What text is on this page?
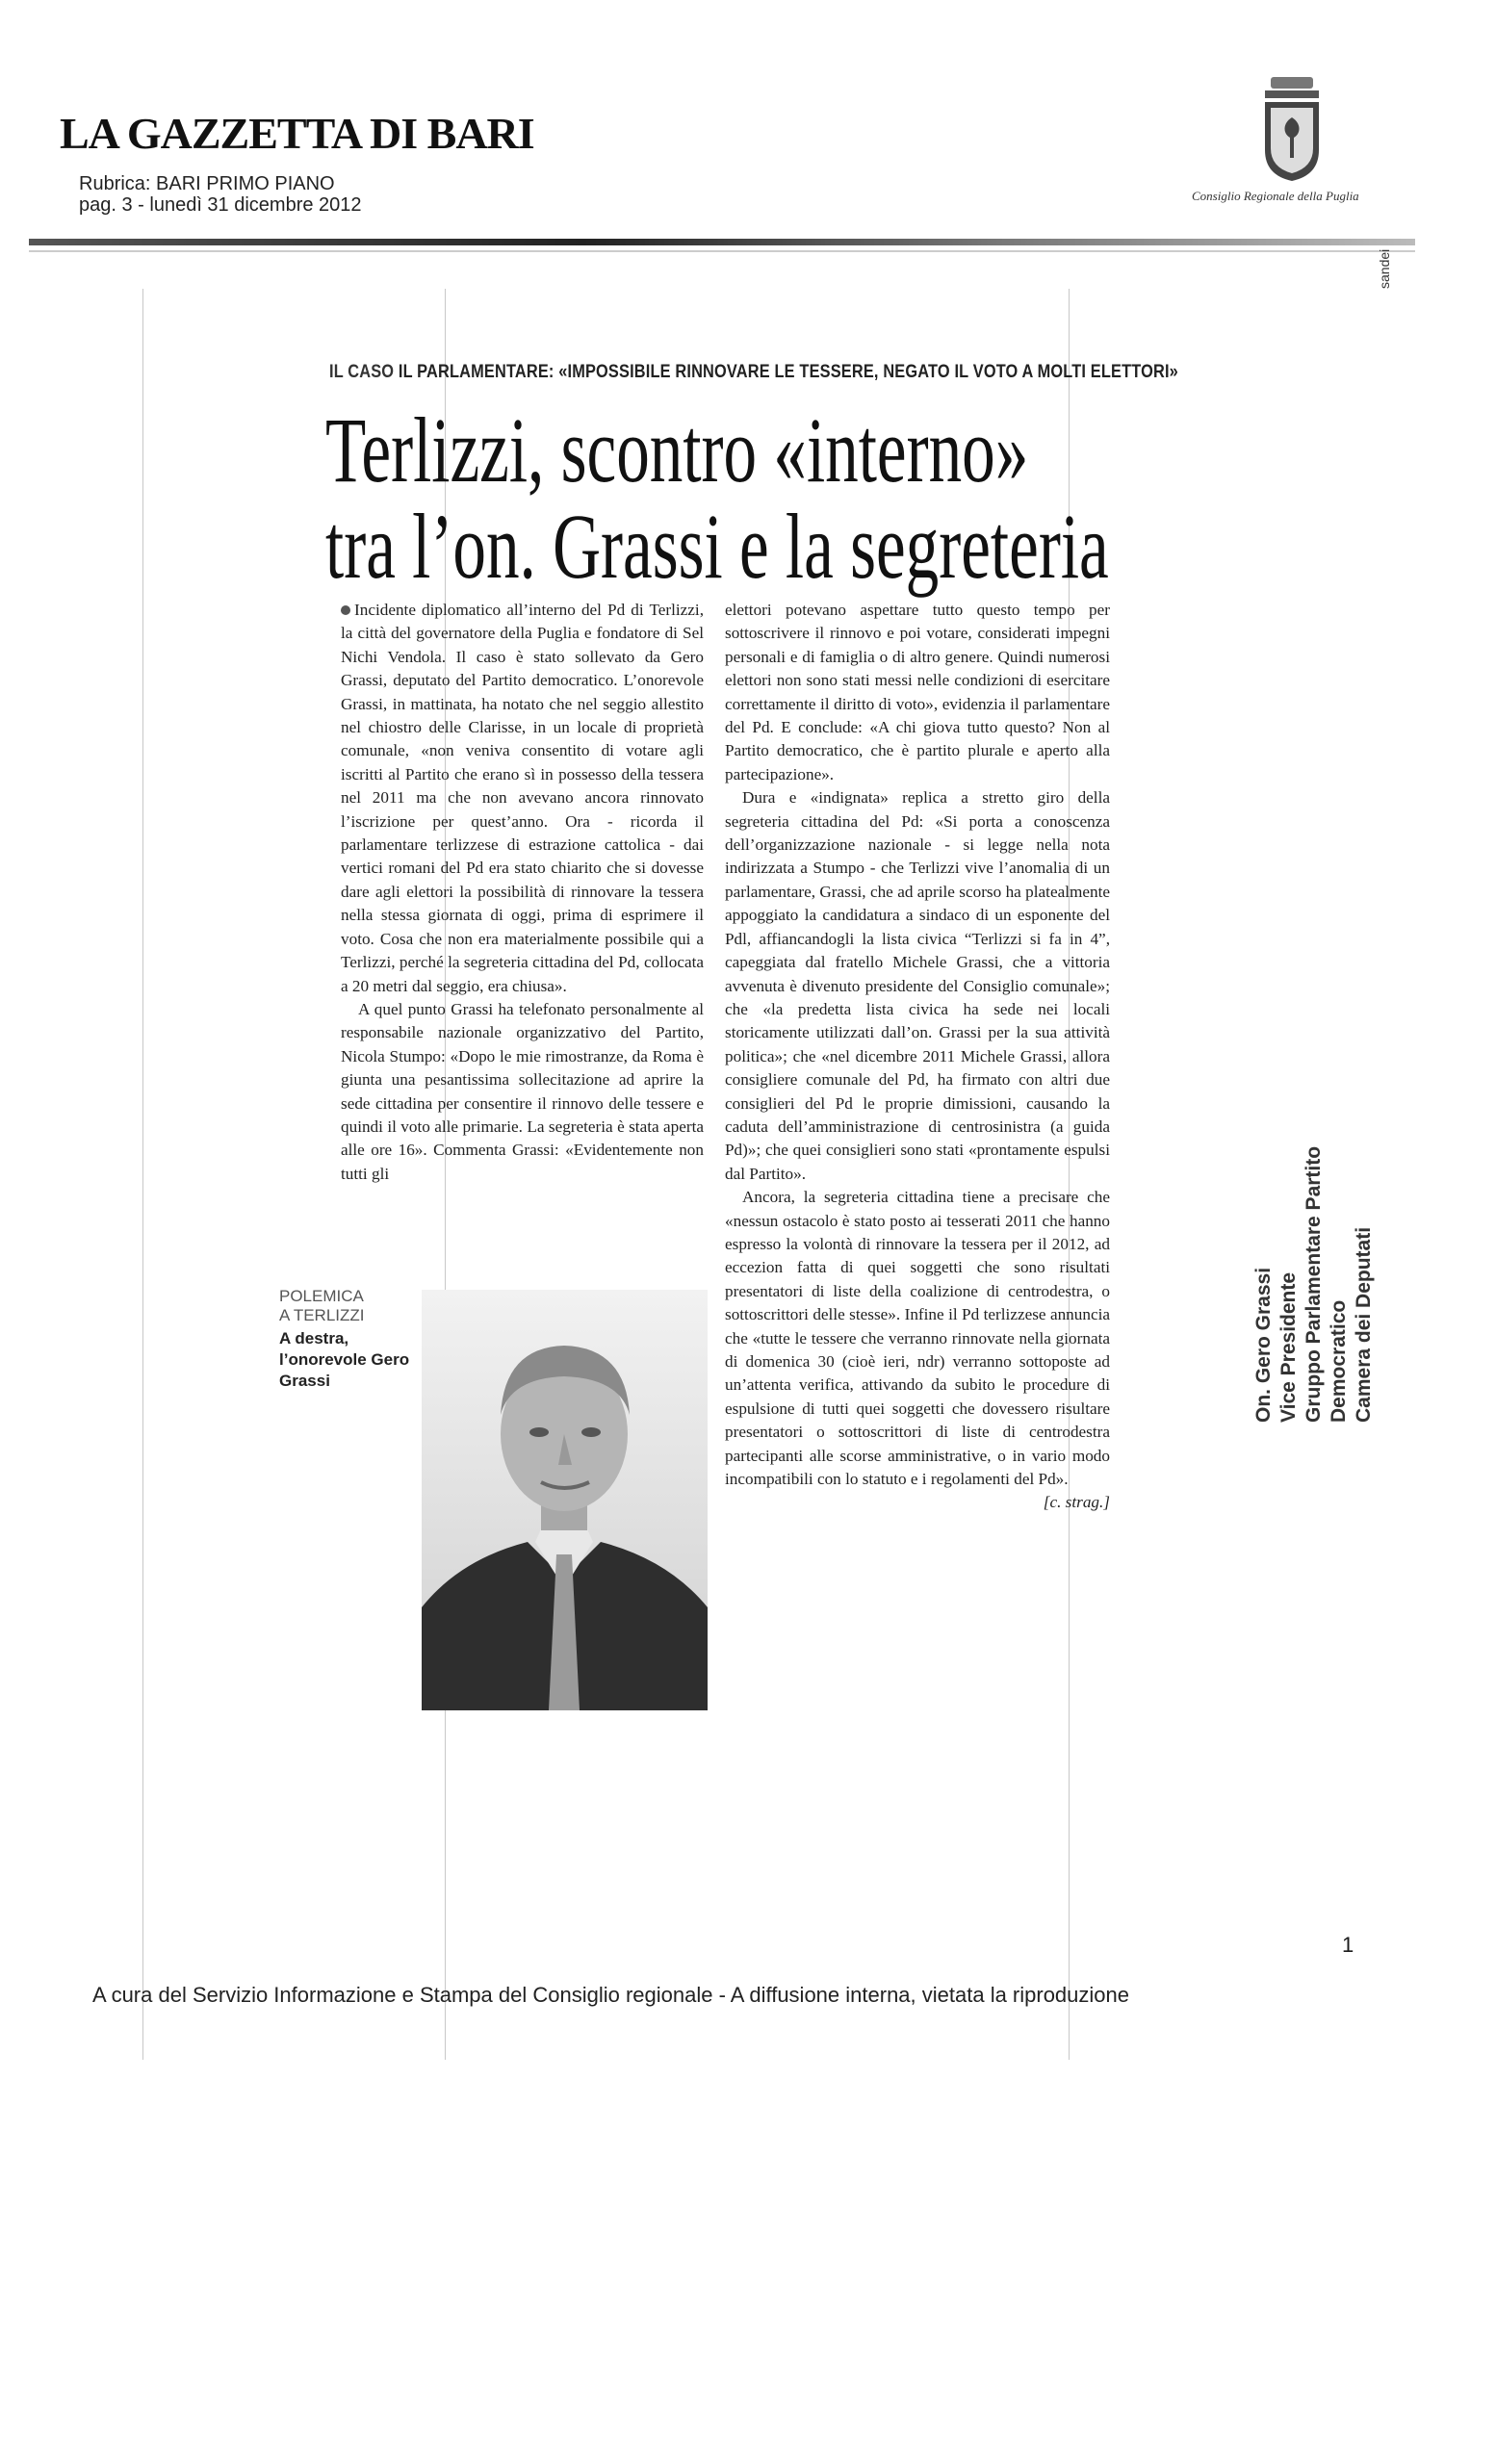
LA GAZZETTA DI BARI
Rubrica: BARI PRIMO PIANO
pag. 3 - lunedì 31 dicembre 2012	Consiglio Regionale della Puglia
sandei
IL CASO IL PARLAMENTARE: «IMPOSSIBILE RINNOVARE LE TESSERE, NEGATO IL VOTO A MOLTI ELETTORI»
Terlizzi, scontro «interno»
tra l’on. Grassi e la segreteria

Incidente diplomatico all’interno del Pd di Terlizzi, la città del governatore della Puglia e fondatore di Sel Nichi Vendola. Il caso è stato sollevato da Gero Grassi, deputato del Partito democratico. L’onorevole Grassi, in mattinata, ha notato che nel seggio allestito nel chiostro delle Clarisse, in un locale di proprietà comunale, «non veniva consentito di votare agli iscritti al Partito che erano sì in possesso della tessera nel 2011 ma che non avevano ancora rinnovato l’iscrizione per quest’anno. Ora - ricorda il parlamentare terlizzese di estrazione cattolica - dai vertici romani del Pd era stato chiarito che si dovesse dare agli elettori la possibilità di rinnovare la tessera nella stessa giornata di oggi, prima di esprimere il voto. Cosa che non era materialmente possibile qui a Terlizzi, perché la segreteria cittadina del Pd, collocata a 20 metri dal seggio, era chiusa».

A quel punto Grassi ha telefonato personalmente al responsabile nazionale organizzativo del Partito, Nicola Stumpo: «Dopo le mie rimostranze, da Roma è giunta una pesantissima sollecitazione ad aprire la sede cittadina per consentire il rinnovo delle tessere e quindi il voto alle primarie. La segreteria è stata aperta alle ore 16». Commenta Grassi: «Evidentemente non tutti gli

elettori potevano aspettare tutto questo tempo per sottoscrivere il rinnovo e poi votare, considerati impegni personali e di famiglia o di altro genere. Quindi numerosi elettori non sono stati messi nelle condizioni di esercitare correttamente il diritto di voto», evidenzia il parlamentare del Pd. E conclude: «A chi giova tutto questo? Non al Partito democratico, che è partito plurale e aperto alla partecipazione».

Dura e «indignata» replica a stretto giro della segreteria cittadina del Pd: «Si porta a conoscenza dell’organizzazione nazionale - si legge nella nota indirizzata a Stumpo - che Terlizzi vive l’anomalia di un parlamentare, Grassi, che ad aprile scorso ha platealmente appoggiato la candidatura a sindaco di un esponente del Pdl, affiancandogli la lista civica “Terlizzi si fa in 4”, capeggiata dal fratello Michele Grassi, che a vittoria avvenuta è divenuto presidente del Consiglio comunale»; che «la predetta lista civica ha sede nei locali storicamente utilizzati dall’on. Grassi per la sua attività politica»; che «nel dicembre 2011 Michele Grassi, allora consigliere comunale del Pd, ha firmato con altri due consiglieri del Pd le proprie dimissioni, causando la caduta dell’amministrazione di centrosinistra (a guida Pd)»; che quei consiglieri sono stati «prontamente espulsi dal Partito».

Ancora, la segreteria cittadina tiene a precisare che «nessun ostacolo è stato posto ai tesserati 2011 che hanno espresso la volontà di rinnovare la tessera per il 2012, ad eccezion fatta di quei soggetti che sono risultati presentatori di liste della coalizione di centrodestra, o sottoscrittori delle stesse». Infine il Pd terlizzese annuncia che «tutte le tessere che verranno rinnovate nella giornata di domenica 30 (cioè ieri, ndr) verranno sottoposte ad un’attenta verifica, attivando da subito le procedure di espulsione di tutti quei soggetti che dovessero risultare presentatori o sottoscrittori di liste di centrodestra partecipanti alle scorse amministrative, o in vario modo incompatibili con lo statuto e i regolamenti del Pd».
[c. strag.]

POLEMICA
A TERLIZZI
A destra, l’onorevole Gero Grassi	On. Gero Grassi Vice Presidente Gruppo Parlamentare Partito Democratico Camera dei Deputati
1
A cura del Servizio Informazione e Stampa del Consiglio regionale - A diffusione interna, vietata la riproduzione
